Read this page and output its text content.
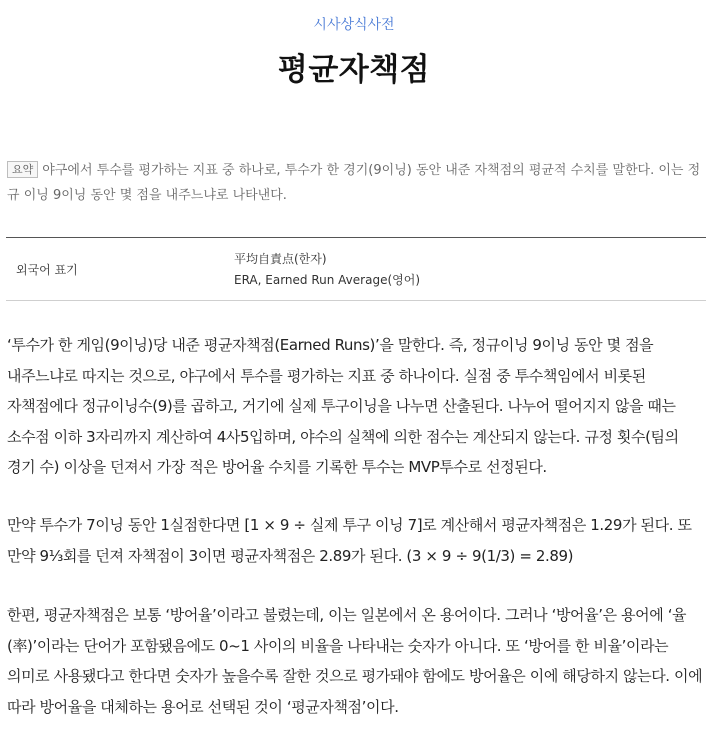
시사상식사전
평균자책점
요약 야구에서 투수를 평가하는 지표 중 하나로, 투수가 한 경기(9이닝) 동안 내준 자책점의 평균적 수치를 말한다. 이는 정규 이닝 9이닝 동안 몇 점을 내주느냐로 나타낸다.
외국어 표기
平均自責点(한자)
ERA, Earned Run Average(영어)
‘투수가 한 게임(9이닝)당 내준 평균자책점(Earned Runs)’을 말한다. 즉, 정규이닝 9이닝 동안 몇 점을 내주느냐로 따지는 것으로, 야구에서 투수를 평가하는 지표 중 하나이다. 실점 중 투수책임에서 비롯된 자책점에다 정규이닝수(9)를 곱하고, 거기에 실제 투구이닝을 나누면 산출된다. 나누어 떨어지지 않을 때는 소수점 이하 3자리까지 계산하여 4사5입하며, 야수의 실책에 의한 점수는 계산되지 않는다. 규정 횟수(팀의 경기 수) 이상을 던져서 가장 적은 방어율 수치를 기록한 투수는 MVP투수로 선정된다.
만약 투수가 7이닝 동안 1실점한다면 [1 × 9 ÷ 실제 투구 이닝 7]로 계산해서 평균자책점은 1.29가 된다. 또 만약 9⅓회를 던져 자책점이 3이면 평균자책점은 2.89가 된다. (3 × 9 ÷ 9(1/3) = 2.89)
한편, 평균자책점은 보통 ‘방어율’이라고 불렸는데, 이는 일본에서 온 용어이다. 그러나 ‘방어율’은 용어에 ‘율(率)’이라는 단어가 포함됐음에도 0~1 사이의 비율을 나타내는 숫자가 아니다. 또 ‘방어를 한 비율’이라는 의미로 사용됐다고 한다면 숫자가 높을수록 잘한 것으로 평가돼야 함에도 방어율은 이에 해당하지 않는다. 이에 따라 방어율을 대체하는 용어로 선택된 것이 ‘평균자책점’이다.
